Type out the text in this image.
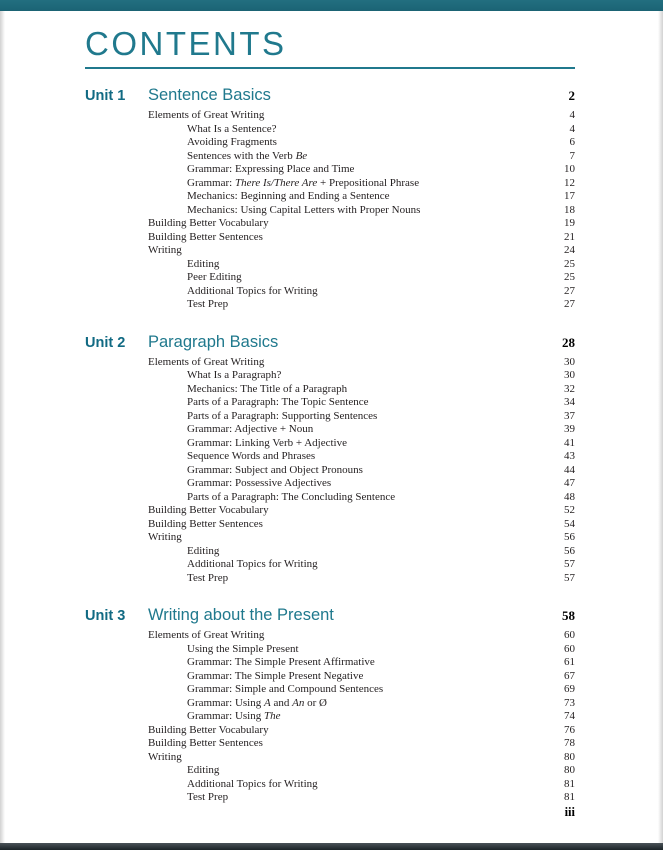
CONTENTS
Unit 1	Sentence Basics	2
Elements of Great Writing	4
What Is a Sentence?	4
Avoiding Fragments	6
Sentences with the Verb Be	7
Grammar: Expressing Place and Time	10
Grammar: There Is/There Are + Prepositional Phrase	12
Mechanics: Beginning and Ending a Sentence	17
Mechanics: Using Capital Letters with Proper Nouns	18
Building Better Vocabulary	19
Building Better Sentences	21
Writing	24
Editing	25
Peer Editing	25
Additional Topics for Writing	27
Test Prep	27
Unit 2	Paragraph Basics	28
Elements of Great Writing	30
What Is a Paragraph?	30
Mechanics: The Title of a Paragraph	32
Parts of a Paragraph: The Topic Sentence	34
Parts of a Paragraph: Supporting Sentences	37
Grammar: Adjective + Noun	39
Grammar: Linking Verb + Adjective	41
Sequence Words and Phrases	43
Grammar: Subject and Object Pronouns	44
Grammar: Possessive Adjectives	47
Parts of a Paragraph: The Concluding Sentence	48
Building Better Vocabulary	52
Building Better Sentences	54
Writing	56
Editing	56
Additional Topics for Writing	57
Test Prep	57
Unit 3	Writing about the Present	58
Elements of Great Writing	60
Using the Simple Present	60
Grammar: The Simple Present Affirmative	61
Grammar: The Simple Present Negative	67
Grammar: Simple and Compound Sentences	69
Grammar: Using A and An or Ø	73
Grammar: Using The	74
Building Better Vocabulary	76
Building Better Sentences	78
Writing	80
Editing	80
Additional Topics for Writing	81
Test Prep	81
iii
